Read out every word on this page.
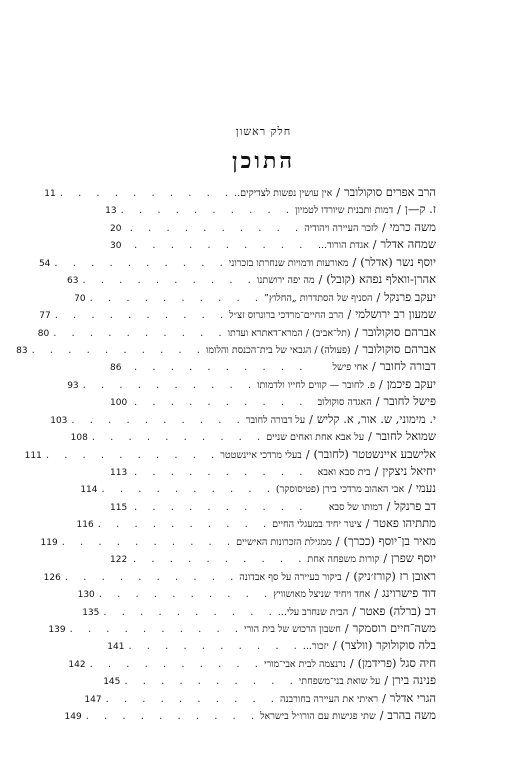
חלק ראשון
התוכן
הרב אפרים סוקולובר
/
אין עושין נפשות לצדיקים..
. . . . . . . . . .
11
ז. ק—ן
/
דמות ותבנית שיורדו לטמיון
. . . . . . . . . .
13
משה כרמי
/
לזכר העיירה ויהודיה
. . . . . . . . . .
20
שמחה אדלר
/
אגדת הורוד...
. . . . . . . . . .
30
יוסף נשר (אדלר)
/
מאורעות ודמויות שנחרתו בזכרוני
. . . . . . . . . .
54
אהרן-וואלף נפהא (קובל)
/
מה יפה ירושתנו
. . . . . . . . . .
63
יעקב פרנקל
/
הסניף של הסתדרות „החלוץ”
. . . . . . . . . .
70
שמעון רב ירושלמי
/
הרב החיים־מרדכי ברונרוס זצ״ל
. . . . . . . . . .
77
אברהם סוקולובר
/
(תל־אביב) / המרא־דאתרא ועדתו
. . . . . . . . . .
80
אברהם סוקולובר
/
(פעולה) / הגבאי של בית־הכנסת והלומו
. . . . . . . . . .
83
דבורה לחובר
/
אחי פישל
. . . . . . . . . .
86
יעקב פיכמן
/
פ. לחובר — קווים לחייו ולדמותו
. . . . . . . . . .
93
פישל לחובר
/
האגדה סוקולוב
. . . . . . . . . .
100
י. מימוני, ש. אור, א. קליש
/
על דבורה לחובר
. . . . . . . . . .
103
שמואל לחובר
/
על אבא אחת ואחים שניים
. . . . . . . . . .
108
אלישבע איינשטטר (לחובר)
/
בעלי מרדכי איינשטטר
. . . . . . . . . .
111
יחיאל ניצקין
/
בית סבא ואבא
. . . . . . . . . .
113
נעמי
/
אבי האהוב מרדכי בירן (פטיסוסקר)
. . . . . . . . . .
114
דב פרנקל
/
דמותו של סבא
. . . . . . . . . .
115
מתתיהו פאטר
/
צינור יחיד במעגלי החיים
. . . . . . . . . .
116
מאיר בן־יוסף (ככרך)
/
ממגילת הזכרונות האישיים
. . . . . . . . . .
119
יוסף שפרן
/
קורות משפחה אחת
. . . . . . . . . .
122
ראובן רז (קורז׳ניק)
/
ביקור בעיירה על סף אבדונה
. . . . . . . . . .
126
דוד פישרוינג
/
אחד ויחיד שניצל מאושוויץ
. . . . . . . . . .
130
דב (ברלה) פאטר
/
הבית שנחרב עלי...
. . . . . . . . . .
135
משה־חיים רוסמקר
/
חשבון הרכוש של בית הורי
. . . . . . . . . .
139
בלה סוקולוקר (וולצר)
/
יזכור...
. . . . . . . . . .
141
חיה סגל (פרידמן)
/
נרנצמה לבית אבי־מורי
. . . . . . . . . .
142
פנינה בירן
/
על שואת בני־משפחתי
. . . . . . . . . .
145
הגרי אדלר
/
ראיתי את העיירה בחורבנה
. . . . . . . . . .
147
משה בהרב
/
שתי פגישות עם הורו״ל בישראל
. . . . . . . . . .
149
